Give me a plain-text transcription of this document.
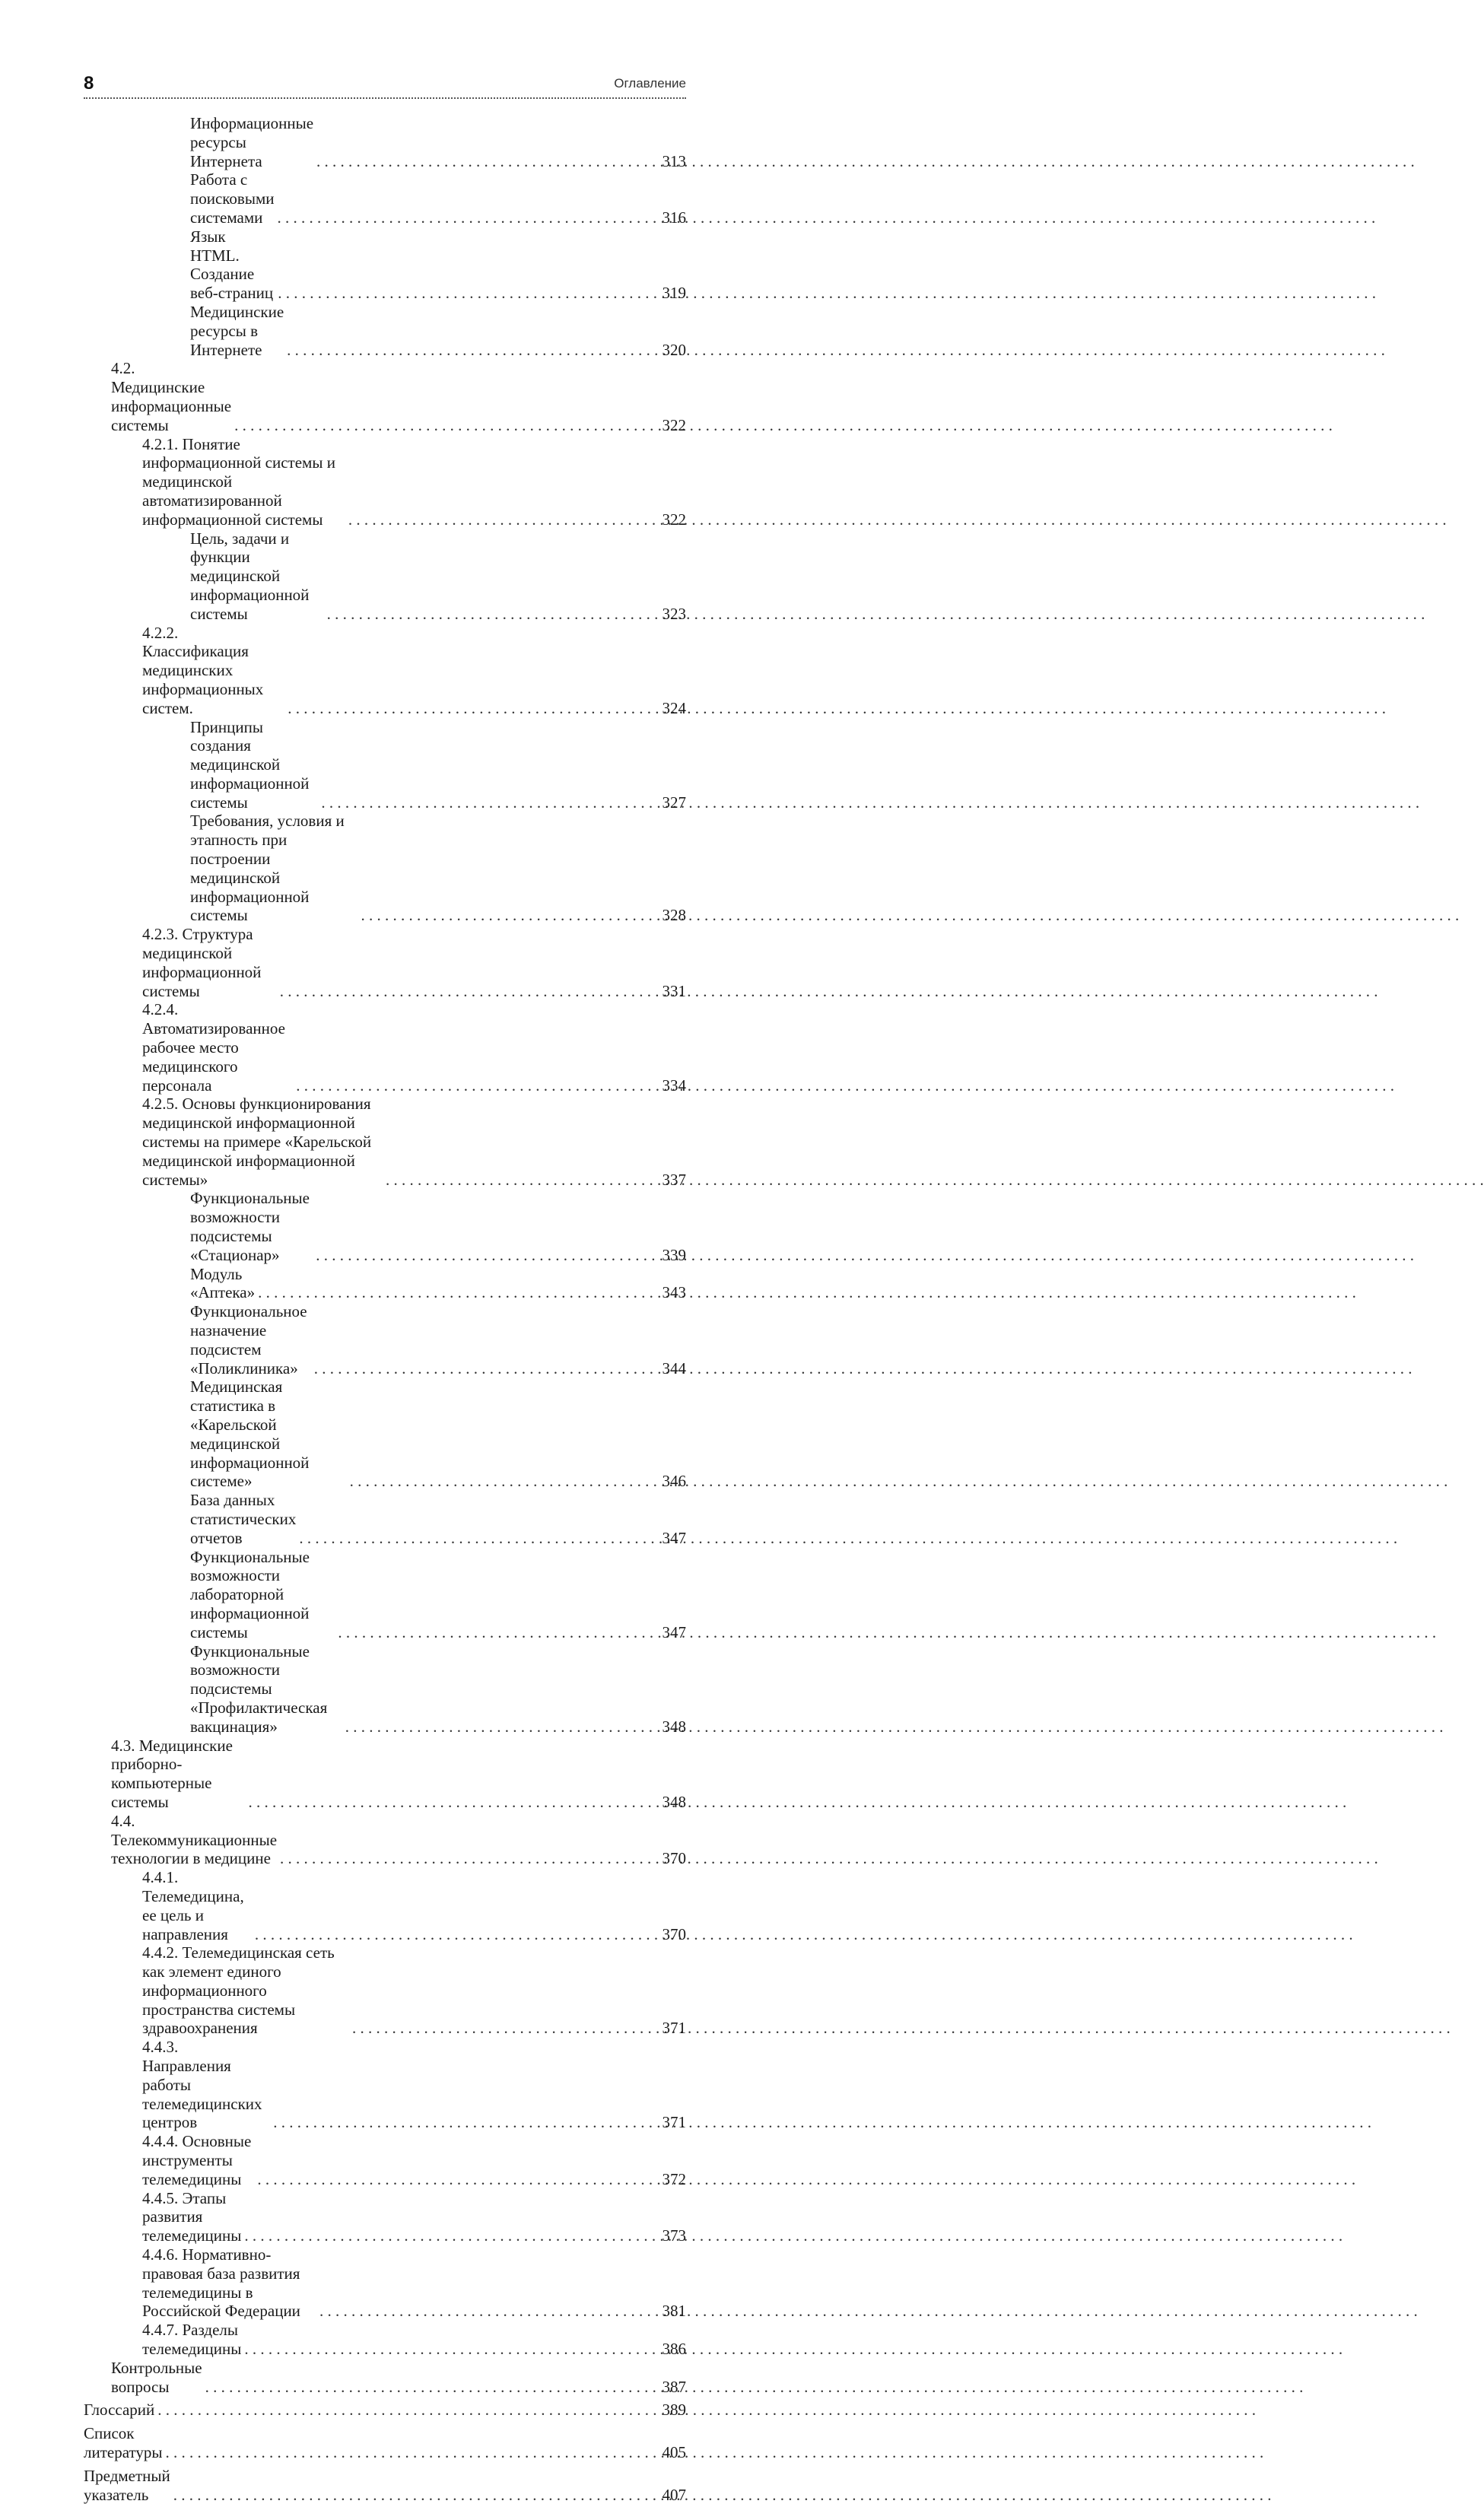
8	Оглавление
Информационные ресурсы Интернета . . .	313
Работа с поисковыми системами . . .	316
Язык HTML. Создание веб-страниц . . .	319
Медицинские ресурсы в Интернете . . .	320
4.2. Медицинские информационные системы . . .	322
4.2.1. Понятие информационной системы и медицинской автоматизированной информационной системы . . .	322
Цель, задачи и функции медицинской информационной системы . . .	323
4.2.2. Классификация медицинских информационных систем. . . .	324
Принципы создания медицинской информационной системы . . .	327
Требования, условия и этапность при построении медицинской информационной системы . . .	328
4.2.3. Структура медицинской информационной системы . . .	331
4.2.4. Автоматизированное рабочее место медицинского персонала . . .	334
4.2.5. Основы функционирования медицинской информационной системы на примере «Карельской медицинской информационной системы» . . .	337
Функциональные возможности подсистемы «Стационар» . . .	339
Модуль «Аптека» . . .	343
Функциональное назначение подсистем «Поликлиника» . . .	344
Медицинская статистика в «Карельской медицинской информационной системе» . . .	346
База данных статистических отчетов . . .	347
Функциональные возможности лабораторной информационной системы . . .	347
Функциональные возможности подсистемы «Профилактическая вакцинация» . . .	348
4.3. Медицинские приборно-компьютерные системы . . .	348
4.4. Телекоммуникационные технологии в медицине . . .	370
4.4.1. Телемедицина, ее цель и направления . . .	370
4.4.2. Телемедицинская сеть как элемент единого информационного пространства системы здравоохранения . . .	371
4.4.3. Направления работы телемедицинских центров . . .	371
4.4.4. Основные инструменты телемедицины . . .	372
4.4.5. Этапы развития телемедицины . . .	373
4.4.6. Нормативно-правовая база развития телемедицины в Российской Федерации . . .	381
4.4.7. Разделы телемедицины . . .	386
Контрольные вопросы . . .	387
Глоссарий . . .	389
Список литературы . . .	405
Предметный указатель . . .	407
